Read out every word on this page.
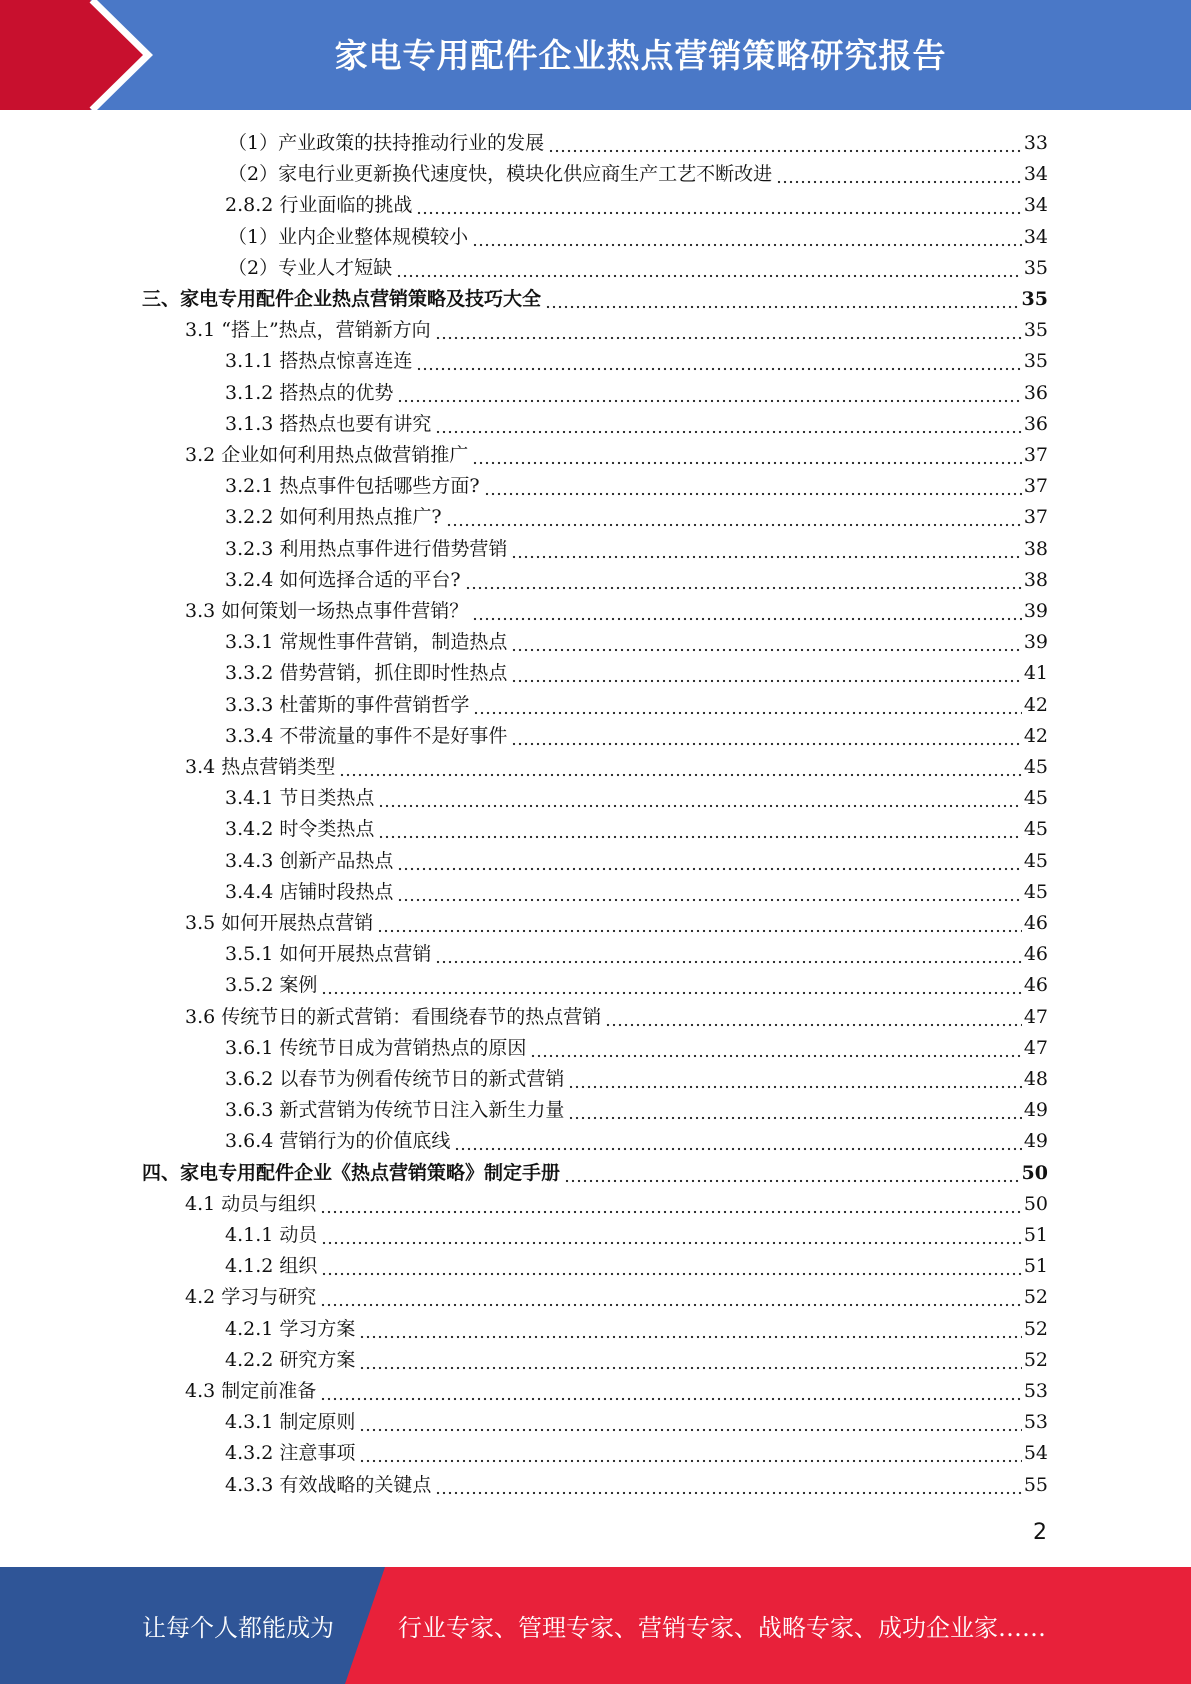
家电专用配件企业热点营销策略研究报告
（1）产业政策的扶持推动行业的发展	33
（2）家电行业更新换代速度快，模块化供应商生产工艺不断改进	34
2.8.2 行业面临的挑战	34
（1）业内企业整体规模较小	34
（2）专业人才短缺	35
三、家电专用配件企业热点营销策略及技巧大全	35
3.1 “搭上”热点，营销新方向	35
3.1.1 搭热点惊喜连连	35
3.1.2 搭热点的优势	36
3.1.3 搭热点也要有讲究	36
3.2 企业如何利用热点做营销推广	37
3.2.1 热点事件包括哪些方面?	37
3.2.2 如何利用热点推广?	37
3.2.3 利用热点事件进行借势营销	38
3.2.4 如何选择合适的平台?	38
3.3 如何策划一场热点事件营销？	39
3.3.1 常规性事件营销，制造热点	39
3.3.2 借势营销，抓住即时性热点	41
3.3.3 杜蕾斯的事件营销哲学	42
3.3.4 不带流量的事件不是好事件	42
3.4 热点营销类型	45
3.4.1 节日类热点	45
3.4.2 时令类热点	45
3.4.3 创新产品热点	45
3.4.4 店铺时段热点	45
3.5 如何开展热点营销	46
3.5.1 如何开展热点营销	46
3.5.2 案例	46
3.6 传统节日的新式营销：看围绕春节的热点营销	47
3.6.1 传统节日成为营销热点的原因	47
3.6.2 以春节为例看传统节日的新式营销	48
3.6.3 新式营销为传统节日注入新生力量	49
3.6.4 营销行为的价值底线	49
四、家电专用配件企业《热点营销策略》制定手册	50
4.1 动员与组织	50
4.1.1 动员	51
4.1.2 组织	51
4.2 学习与研究	52
4.2.1 学习方案	52
4.2.2 研究方案	52
4.3 制定前准备	53
4.3.1 制定原则	53
4.3.2 注意事项	54
4.3.3 有效战略的关键点	55
2
让每个人都能成为	行业专家、管理专家、营销专家、战略专家、成功企业家……
